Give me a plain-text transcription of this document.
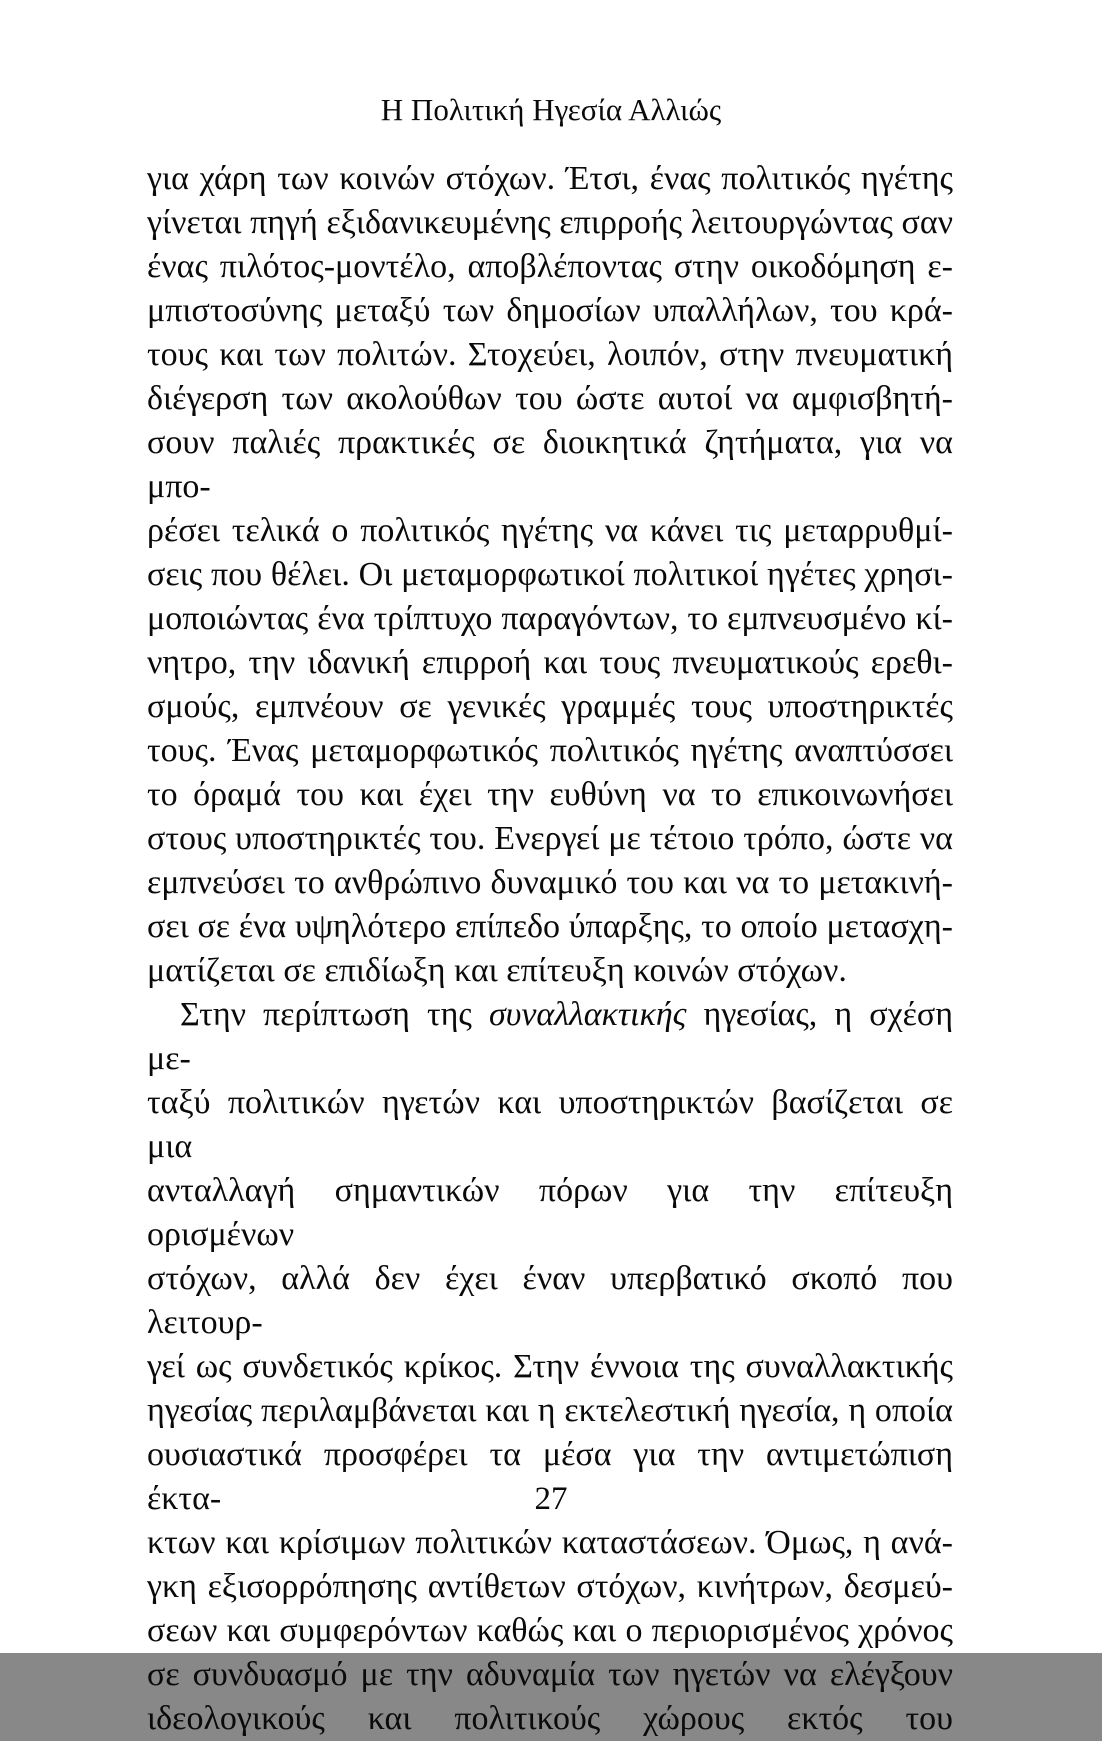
Η Πολιτική Ηγεσία Αλλιώς
για χάρη των κοινών στόχων. Έτσι, ένας πολιτικός ηγέτης
γίνεται πηγή εξιδανικευμένης επιρροής λειτουργώντας σαν
ένας πιλότος-μοντέλο, αποβλέποντας στην οικοδόμηση ε-
μπιστοσύνης μεταξύ των δημοσίων υπαλλήλων, του κρά-
τους και των πολιτών. Στοχεύει, λοιπόν, στην πνευματική
διέγερση των ακολούθων του ώστε αυτοί να αμφισβητή-
σουν παλιές πρακτικές σε διοικητικά ζητήματα, για να μπο-
ρέσει τελικά ο πολιτικός ηγέτης να κάνει τις μεταρρυθμί-
σεις που θέλει. Οι μεταμορφωτικοί πολιτικοί ηγέτες χρησι-
μοποιώντας ένα τρίπτυχο παραγόντων, το εμπνευσμένο κί-
νητρο, την ιδανική επιρροή και τους πνευματικούς ερεθι-
σμούς, εμπνέουν σε γενικές γραμμές τους υποστηρικτές
τους. Ένας μεταμορφωτικός πολιτικός ηγέτης αναπτύσσει
το όραμά του και έχει την ευθύνη να το επικοινωνήσει
στους υποστηρικτές του. Ενεργεί με τέτοιο τρόπο, ώστε να
εμπνεύσει το ανθρώπινο δυναμικό του και να το μετακινή-
σει σε ένα υψηλότερο επίπεδο ύπαρξης, το οποίο μετασχη-
ματίζεται σε επιδίωξη και επίτευξη κοινών στόχων.
Στην περίπτωση της συναλλακτικής ηγεσίας, η σχέση με-
ταξύ πολιτικών ηγετών και υποστηρικτών βασίζεται σε μια
ανταλλαγή σημαντικών πόρων για την επίτευξη ορισμένων
στόχων, αλλά δεν έχει έναν υπερβατικό σκοπό που λειτουρ-
γεί ως συνδετικός κρίκος. Στην έννοια της συναλλακτικής
ηγεσίας περιλαμβάνεται και η εκτελεστική ηγεσία, η οποία
ουσιαστικά προσφέρει τα μέσα για την αντιμετώπιση έκτα-
κτων και κρίσιμων πολιτικών καταστάσεων. Όμως, η ανά-
γκη εξισορρόπησης αντίθετων στόχων, κινήτρων, δεσμεύ-
σεων και συμφερόντων καθώς και ο περιορισμένος χρόνος
σε συνδυασμό με την αδυναμία των ηγετών να ελέγξουν
ιδεολογικούς και πολιτικούς χώρους εκτός του
27
